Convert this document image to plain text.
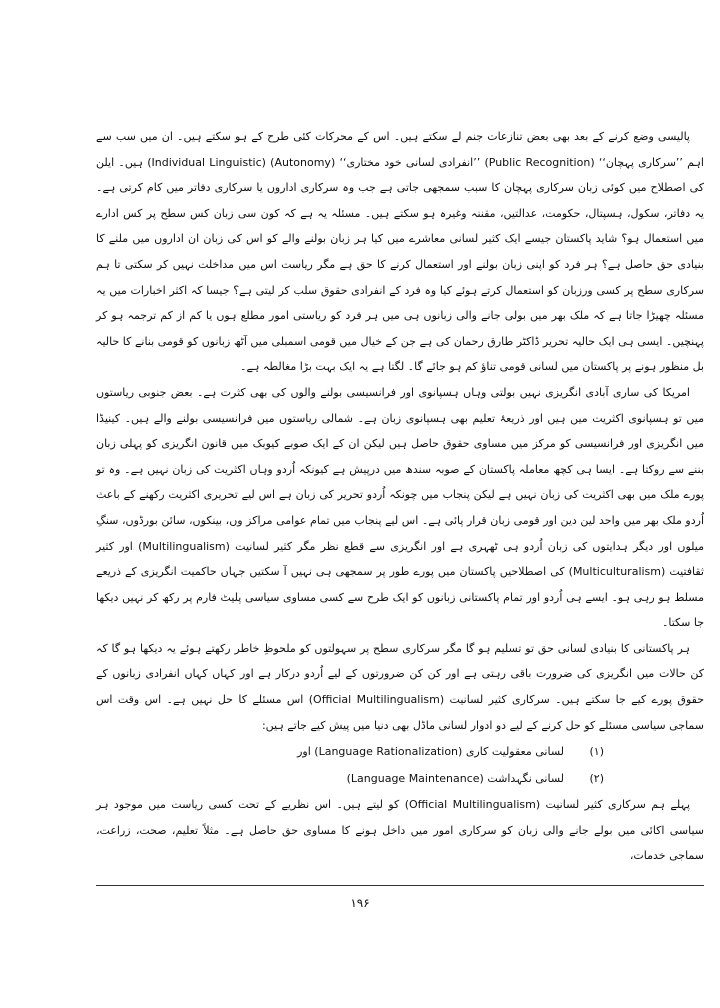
پالیسی وضع کرنے کے بعد بھی بعض تنازعات جنم لے سکتے ہیں۔ اس کے محرکات کئی طرح کے ہو سکتے ہیں۔ ان میں سب سے اہم ’’سرکاری پہچان‘‘ (Public Recognition) ’’انفرادی لسانی خود مختاری‘‘ (Autonomy) (Individual Linguistic) ہیں۔ ایلن کی اصطلاح میں کوئی زبان سرکاری پہچان کا سبب سمجھی جاتی ہے جب وہ سرکاری اداروں یا سرکاری دفاتر میں کام کرتی ہے۔ یہ دفاتر، سکول، ہسپتال، حکومت، عدالتیں، مقننہ وغیرہ ہو سکتے ہیں۔ مسئلہ یہ ہے کہ کون سی زبان کس سطح پر کس ادارے میں استعمال ہو؟ شاید پاکستان جیسے ایک کثیر لسانی معاشرے میں کیا ہر زبان بولنے والے کو اس کی زبان ان اداروں میں ملنے کا بنیادی حق حاصل ہے؟ ہر فرد کو اپنی زبان بولنے اور استعمال کرنے کا حق ہے مگر ریاست اس میں مداخلت نہیں کر سکتی تا ہم سرکاری سطح پر کسی ورزبان کو استعمال کرتے ہوئے کیا وہ فرد کے انفرادی حقوق سلب کر لیتی ہے؟ جیسا کہ اکثر اخبارات میں یہ مسئلہ چھیڑا جاتا ہے کہ ملک بھر میں بولی جانے والی زبانوں ہی میں ہر فرد کو ریاستی امور مطلع ہوں یا کم از کم ترجمہ ہو کر پہنچیں۔ ایسی ہی ایک حالیہ تحریر ڈاکٹر طارق رحمان کی ہے جن کے خیال میں قومی اسمبلی میں آٹھ زبانوں کو قومی بنانے کا حالیہ بل منظور ہونے پر پاکستان میں لسانی قومی تناؤ کم ہو جائے گا۔ لگتا ہے یہ ایک بہت بڑا مغالطہ ہے۔

امریکا کی ساری آبادی انگریزی نہیں بولتی وہاں ہسپانوی اور فرانسیسی بولنے والوں کی بھی کثرت ہے۔ بعض جنوبی ریاستوں میں تو ہسپانوی اکثریت میں ہیں اور ذریعۂ تعلیم بھی ہسپانوی زبان ہے۔ شمالی ریاستوں میں فرانسیسی بولنے والے ہیں۔ کینیڈا میں انگریزی اور فرانسیسی کو مرکز میں مساوی حقوق حاصل ہیں لیکن ان کے ایک صوبے کیوبک میں قانون انگریزی کو پہلی زبان بننے سے روکتا ہے۔ ایسا ہی کچھ معاملہ پاکستان کے صوبہ سندھ میں درپیش ہے کیونکہ اُردو وہاں اکثریت کی زبان نہیں ہے۔ وہ تو پورے ملک میں بھی اکثریت کی زبان نہیں ہے لیکن پنجاب میں چونکہ اُردو تحریر کی زبان ہے اس لیے تحریری اکثریت رکھنے کے باعث اُردو ملک بھر میں واحد لین دین اور قومی زبان قرار پائی ہے۔ اس لیے پنجاب میں تمام عوامی مراکز وں، بینکوں، سائن بورڈوں، سنگِ میلوں اور دیگر ہدایتوں کی زبان اُردو ہی ٹھہری ہے اور انگریزی سے قطع نظر مگر کثیر لسانیت (Multilingualism) اور کثیر ثقافتیت (Multiculturalism) کی اصطلاحیں پاکستان میں پورے طور پر سمجھی ہی نہیں آ سکتیں جہاں حاکمیت انگریزی کے ذریعے مسلط ہو رہی ہو۔ ایسے ہی اُردو اور تمام پاکستانی زبانوں کو ایک طرح سے کسی مساوی سیاسی پلیٹ فارم پر رکھ کر نہیں دیکھا جا سکتا۔

ہر پاکستانی کا بنیادی لسانی حق تو تسلیم ہو گا مگر سرکاری سطح پر سہولتوں کو ملحوظِ خاطر رکھتے ہوئے یہ دیکھا ہو گا کہ کن حالات میں انگریزی کی ضرورت باقی رہتی ہے اور کن کن ضرورتوں کے لیے اُردو درکار ہے اور کہاں کہاں انفرادی زبانوں کے حقوق پورے کیے جا سکتے ہیں۔ سرکاری کثیر لسانیت (Official Multilingualism) اس مسئلے کا حل نہیں ہے۔ اس وقت اس سماجی سیاسی مسئلے کو حل کرنے کے لیے دو ادوار لسانی ماڈل بھی دنیا میں پیش کیے جاتے ہیں:

(۱)
لسانی معقولیت کاری (Language Rationalization) اور
(۲)
لسانی نگہداشت (Language Maintenance)

پہلے ہم سرکاری کثیر لسانیت (Official Multilingualism) کو لیتے ہیں۔ اس نظریے کے تحت کسی ریاست میں موجود ہر سیاسی اکائی میں بولے جانے والی زبان کو سرکاری امور میں داخل ہونے کا مساوی حق حاصل ہے۔ مثلاً تعلیم، صحت، زراعت، سماجی خدمات،

۱۹۶
